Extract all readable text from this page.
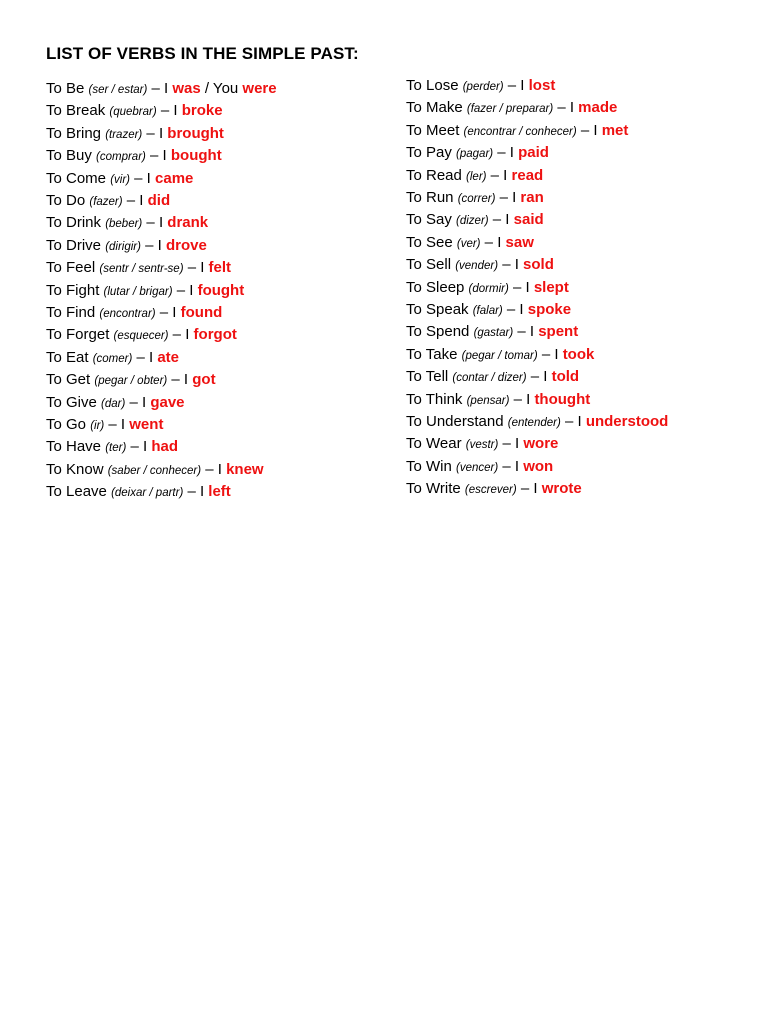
LIST OF VERBS IN THE SIMPLE PAST:
To Be (ser / estar) – I was / You were
To Break (quebrar) – I broke
To Bring (trazer) – I brought
To Buy (comprar) – I bought
To Come (vir) – I came
To Do (fazer) – I did
To Drink (beber) – I drank
To Drive (dirigir) – I drove
To Feel (sentr / sentr-se) – I felt
To Fight (lutar / brigar) – I fought
To Find (encontrar) – I found
To Forget (esquecer) – I forgot
To Eat (comer) – I ate
To Get (pegar / obter) – I got
To Give (dar) – I gave
To Go (ir) – I went
To Have (ter) – I had
To Know (saber / conhecer) – I knew
To Leave (deixar / partr) – I left
To Lose (perder) – I lost
To Make (fazer / preparar) – I made
To Meet (encontrar / conhecer) – I met
To Pay (pagar) – I paid
To Read (ler) – I read
To Run (correr) – I ran
To Say (dizer) – I said
To See (ver) – I saw
To Sell (vender) – I sold
To Sleep (dormir) – I slept
To Speak (falar) – I spoke
To Spend (gastar) – I spent
To Take (pegar / tomar) – I took
To Tell (contar / dizer) – I told
To Think (pensar) – I thought
To Understand (entender) – I understood
To Wear (vestr) – I wore
To Win (vencer) – I won
To Write (escrever) – I wrote
